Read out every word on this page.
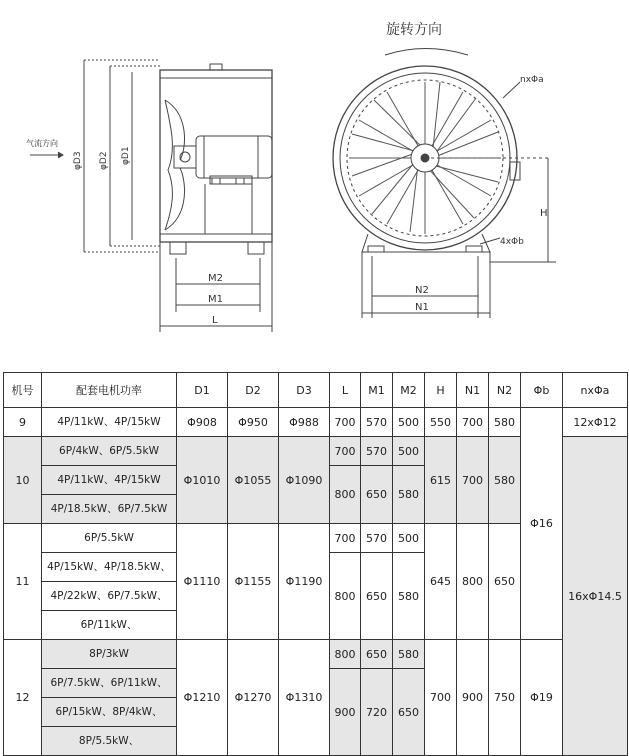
旋转方向
气流方向
φD3 φD2 φD1
M2
M1
L
N2
N1
H
nxΦa
4xΦb
机号	配套电机功率	D1	D2	D3	L	M1	M2	H	N1	N2	Φb	nxΦa
9	4P/11kW、4P/15kW	Φ908	Φ950	Φ988	700	570	500	550	700	580	Φ16	12xΦ12
10	6P/4kW、6P/5.5kW	Φ1010	Φ1055	Φ1090	700	570	500	615	700	580		16xΦ14.5
	4P/11kW、4P/15kW				800	650	580					
	4P/18.5kW、6P/7.5kW											
11	6P/5.5kW	Φ1110	Φ1155	Φ1190	700	570	500	645	800	650		
	4P/15kW、4P/18.5kW、				800	650	580					
	4P/22kW、6P/7.5kW、											
	6P/11kW、											
12	8P/3kW	Φ1210	Φ1270	Φ1310	800	650	580	700	900	750	Φ19	
	6P/7.5kW、6P/11kW、				900	720	650					
	6P/15kW、8P/4kW、											
	8P/5.5kW、											
